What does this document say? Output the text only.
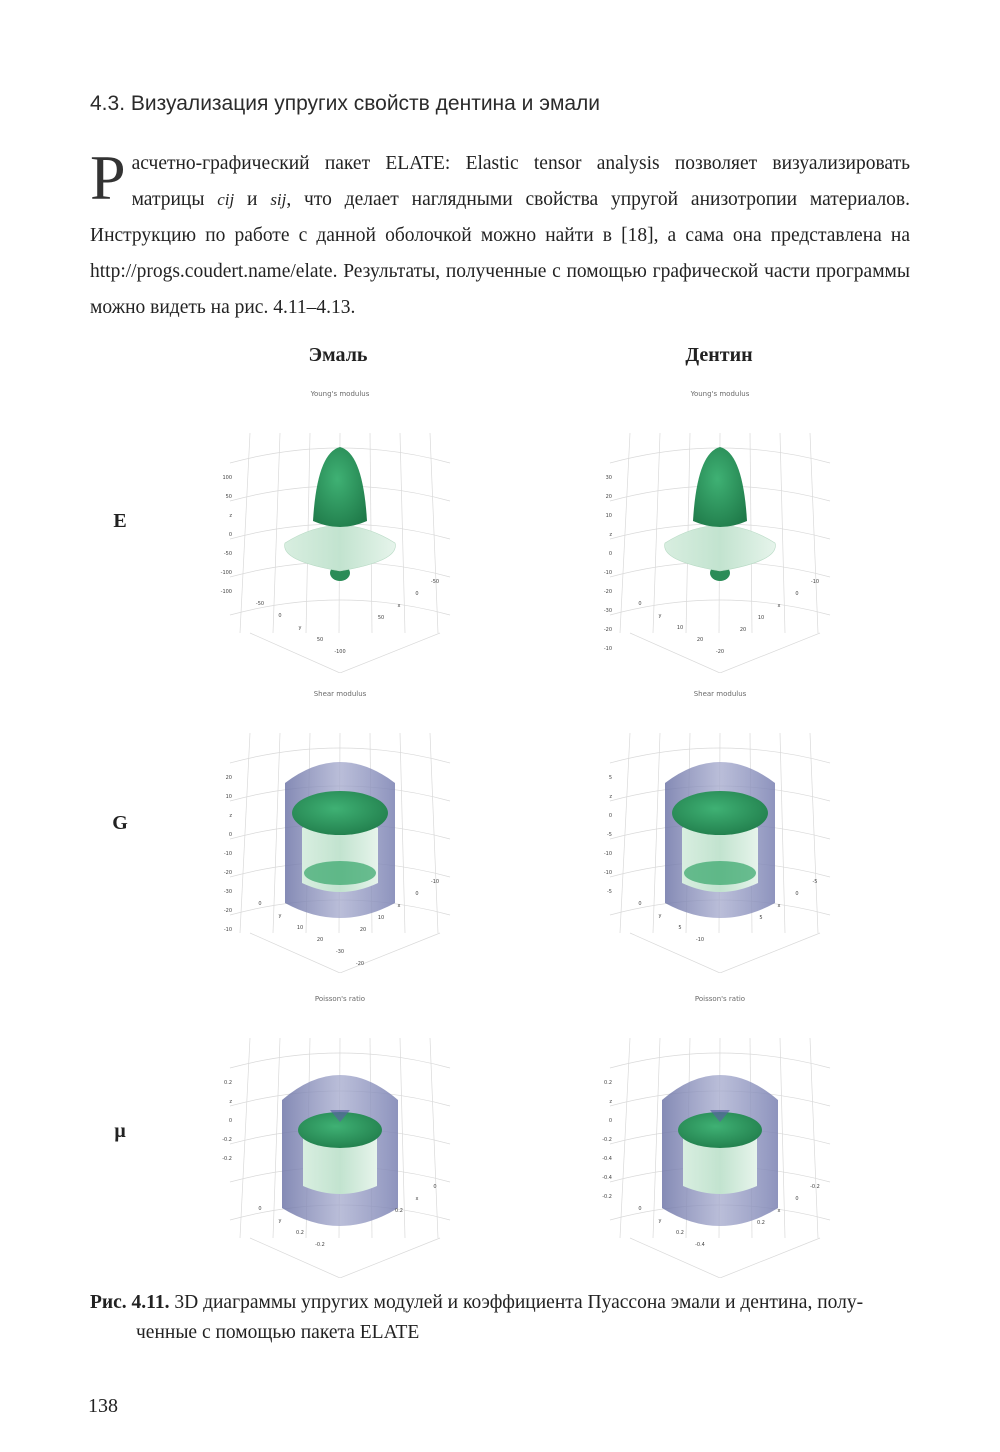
4.3. Визуализация упругих свойств дентина и эмали
Расчетно-графический пакет ELATE: Elastic tensor analysis позволяет визуализировать матрицы cij и sij, что делает наглядными свойства упругой анизотропии материалов. Инструкцию по работе с данной оболочкой можно найти в [18], а сама она представлена на http://progs.coudert.name/elate. Результаты, полученные с помощью графической части программы можно видеть на рис. 4.11–4.13.
Эмаль	Дентин
E
G
μ
Young's modulus
100
50
z
0
-50
-100
-100
-50
0
y
50
-100
-50
0
x
50
Young's modulus
30
20
10
z
0
-10
-20
-30
-20
-10
0
y
10
20
-20
-10
0
x
10
20
Shear modulus
20
10
z
0
-10
-20
-30
-20
-10
0
y
10
20
-30
-20
-10
0
x
10
20
Shear modulus
5
z
0
-5
-10
-10
-5
0
y
5
-10
-5
0
x
5
Poisson's ratio
0.2
z
0
-0.2
-0.2
0
y
0.2
-0.2
0
x
0.2
Poisson's ratio
0.2
z
0
-0.2
-0.4
-0.4
-0.2
0
y
0.2
-0.4
-0.2
0
x
0.2
Рис. 4.11. 3D диаграммы упругих модулей и коэффициента Пуассона эмали и дентина, полу-
ченные с помощью пакета ELATE
138
